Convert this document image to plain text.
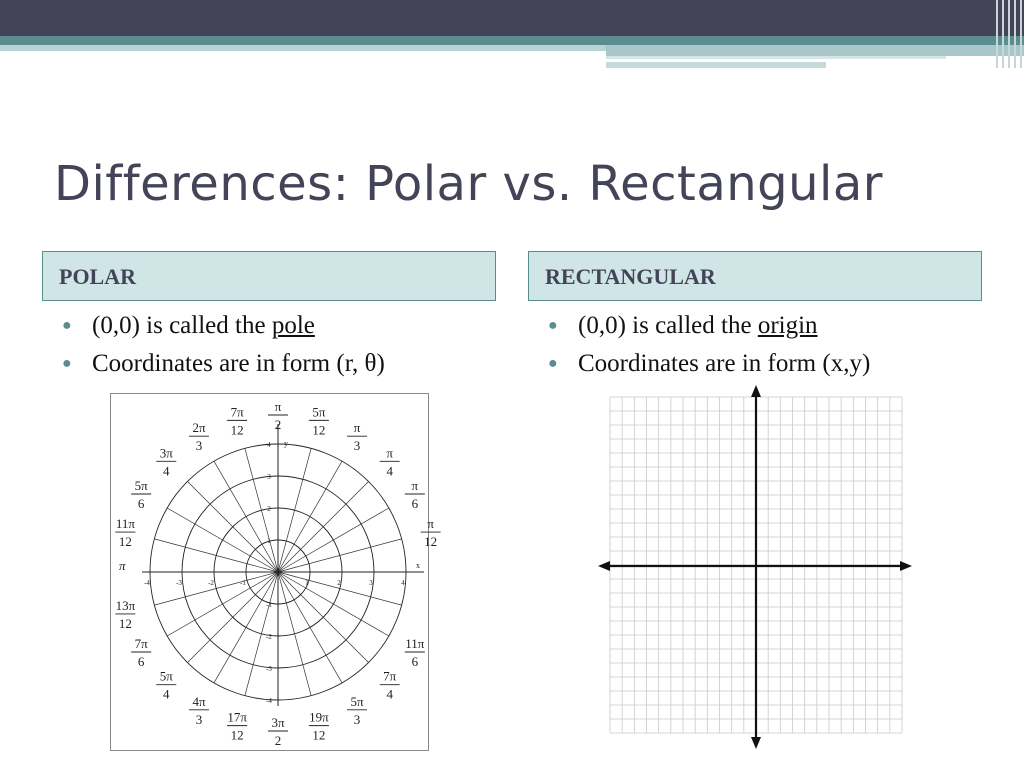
Differences: Polar vs. Rectangular
POLAR	RECTANGULAR
● (0,0) is called the pole
● Coordinates are in form (r, θ)
● (0,0) is called the origin
● Coordinates are in form (x,y)
x
y
-4	-3	-2	-1	1	2	3	4
4
3
2
1
-1
-2
-3
-4
π
12
π
6
π
4
π
3
5π
12
π
2
7π
12
2π
3
3π
4
5π
6
11π
12
π
13π
12
7π
6
5π
4 4π
3 17π
12
3π
2
19π
12
5π
3
7π
4
11π
6
